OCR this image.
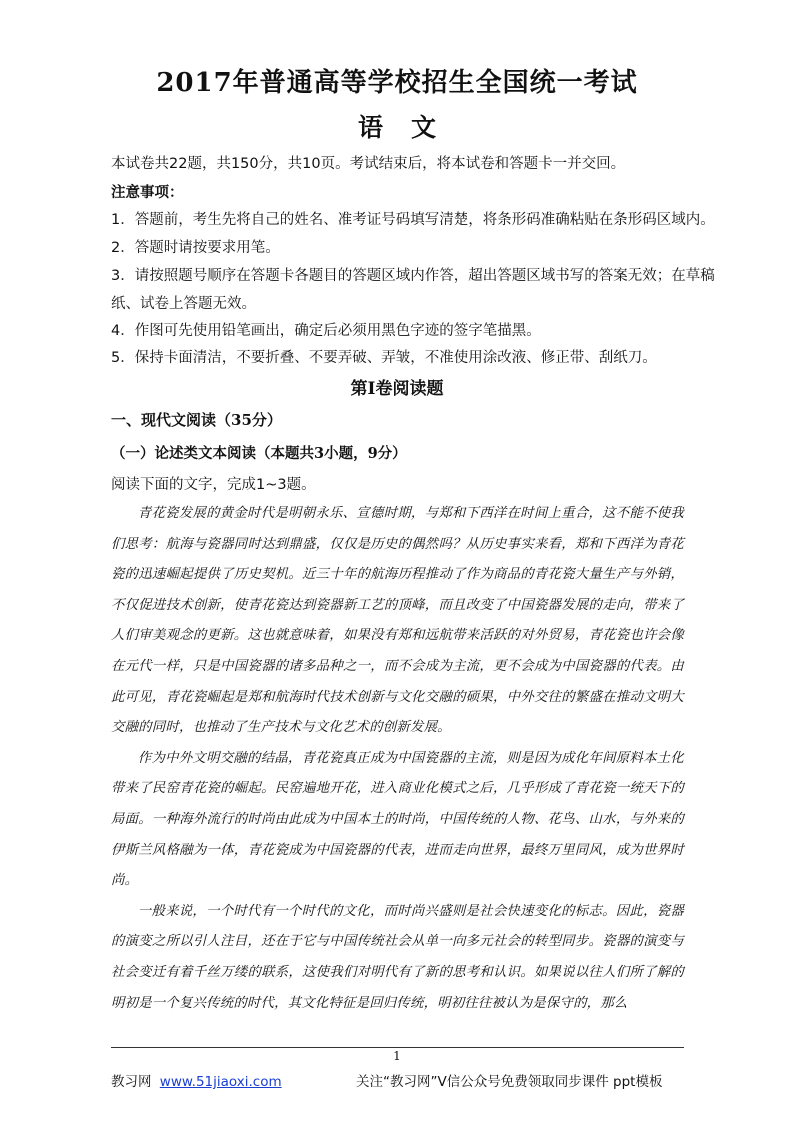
2017年普通高等学校招生全国统一考试
语文
本试卷共22题，共150分，共10页。考试结束后，将本试卷和答题卡一并交回。
注意事项：
1．答题前，考生先将自己的姓名、准考证号码填写清楚，将条形码准确粘贴在条形码区域内。
2．答题时请按要求用笔。
3．请按照题号顺序在答题卡各题目的答题区域内作答，超出答题区域书写的答案无效；在草稿
纸、试卷上答题无效。
4．作图可先使用铅笔画出，确定后必须用黑色字迹的签字笔描黑。
5．保持卡面清洁，不要折叠、不要弄破、弄皱，不准使用涂改液、修正带、刮纸刀。
第Ⅰ卷阅读题
一、现代文阅读（35分）
（一）论述类文本阅读（本题共3小题，9分）
阅读下面的文字，完成1~3题。

青花瓷发展的黄金时代是明朝永乐、宣德时期，与郑和下西洋在时间上重合，这不能不使我们思考：航海与瓷器同时达到鼎盛，仅仅是历史的偶然吗？从历史事实来看，郑和下西洋为青花瓷的迅速崛起提供了历史契机。近三十年的航海历程推动了作为商品的青花瓷大量生产与外销，不仅促进技术创新，使青花瓷达到瓷器新工艺的顶峰，而且改变了中国瓷器发展的走向，带来了人们审美观念的更新。这也就意味着，如果没有郑和远航带来活跃的对外贸易，青花瓷也许会像在元代一样，只是中国瓷器的诸多品种之一，而不会成为主流，更不会成为中国瓷器的代表。由此可见，青花瓷崛起是郑和航海时代技术创新与文化交融的硕果，中外交往的繁盛在推动文明大交融的同时，也推动了生产技术与文化艺术的创新发展。

作为中外文明交融的结晶，青花瓷真正成为中国瓷器的主流，则是因为成化年间原料本土化带来了民窑青花瓷的崛起。民窑遍地开花，进入商业化模式之后，几乎形成了青花瓷一统天下的局面。一种海外流行的时尚由此成为中国本土的时尚，中国传统的人物、花鸟、山水，与外来的伊斯兰风格融为一体，青花瓷成为中国瓷器的代表，进而走向世界，最终万里同风，成为世界时尚。

一般来说，一个时代有一个时代的文化，而时尚兴盛则是社会快速变化的标志。因此，瓷器的演变之所以引人注目，还在于它与中国传统社会从单一向多元社会的转型同步。瓷器的演变与社会变迁有着千丝万缕的联系，这使我们对明代有了新的思考和认识。如果说以往人们所了解的明初是一个复兴传统的时代，其文化特征是回归传统，明初往往被认为是保守的，那么

1
教习网 www.51jiaoxi.com	关注“教习网”V信公众号免费领取同步课件 ppt模板
